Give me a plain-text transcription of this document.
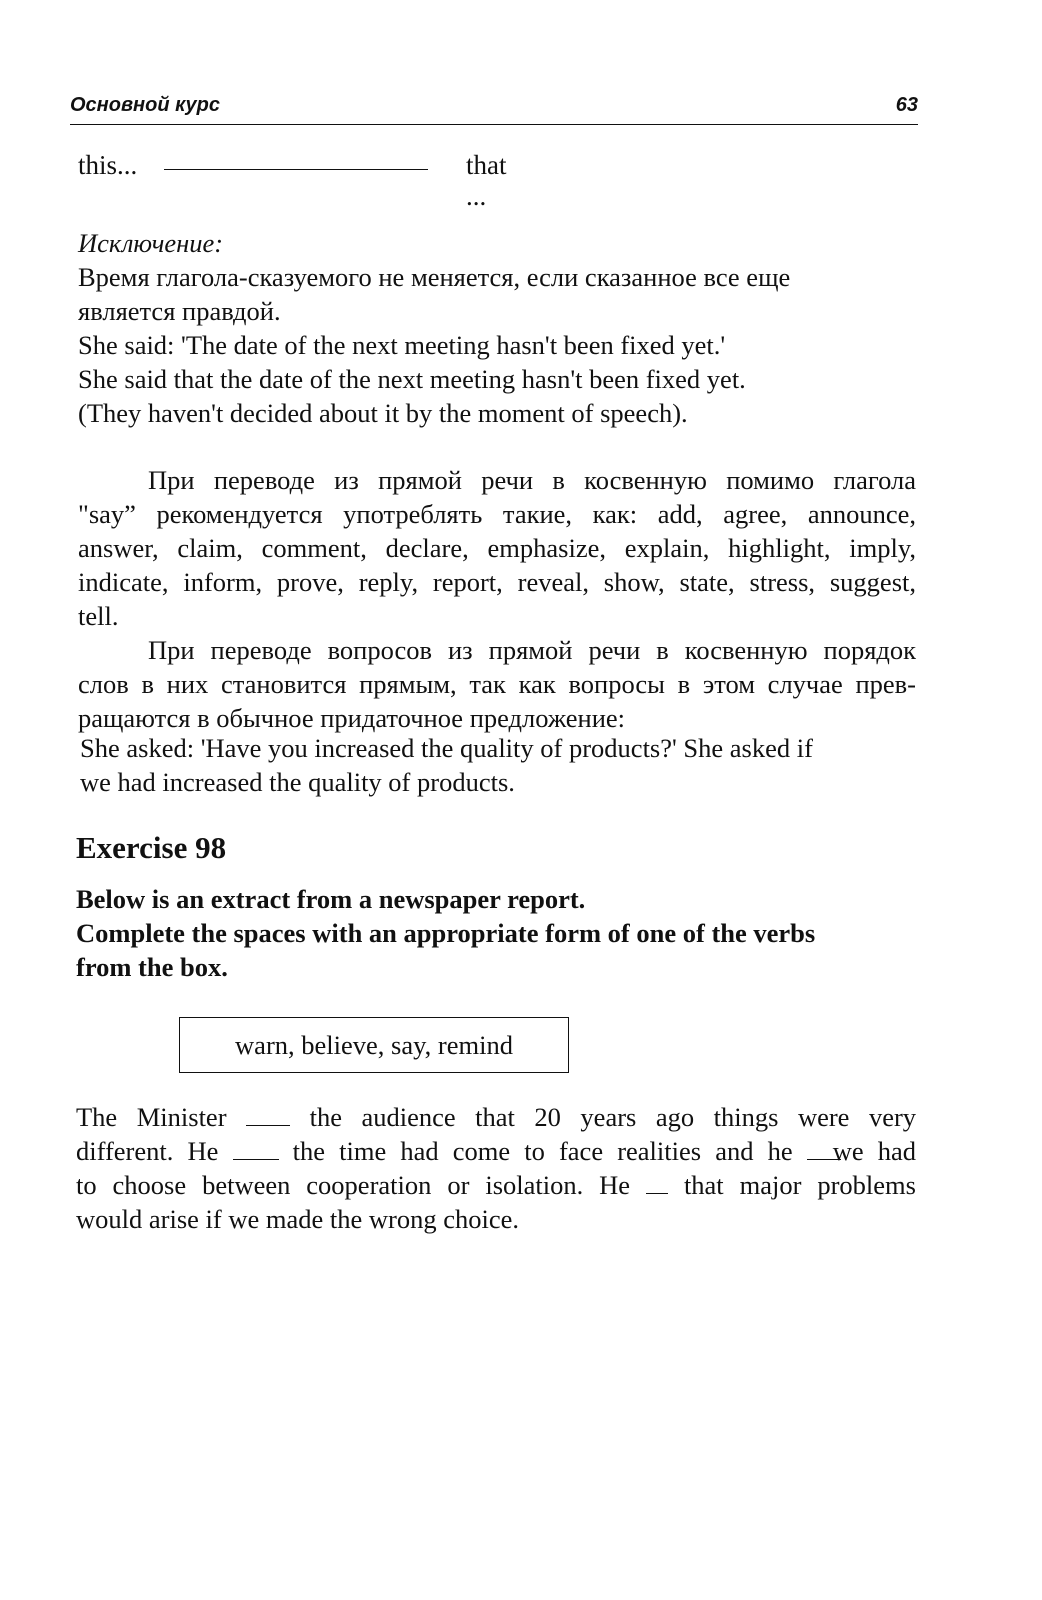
Основной курс	63
this...	that ...
Исключение:
Время глагола-сказуемого не меняется, если сказанное все еще
является правдой.
She said: 'The date of the next meeting hasn't been fixed yet.'
She said that the date of the next meeting hasn't been fixed yet.
(They haven't decided about it by the moment of speech).
При переводе из прямой речи в косвенную помимо глагола
"say” рекомендуется употреблять такие, как: add, agree, announce,
answer, claim, comment, declare, emphasize, explain, highlight, imply,
indicate, inform, prove, reply, report, reveal, show, state, stress, suggest,
tell.
При переводе вопросов из прямой речи в косвенную порядок
слов в них становится прямым, так как вопросы в этом случае прев-
ращаются в обычное придаточное предложение:
She asked: 'Have you increased the quality of products?' She asked if
we had increased the quality of products.
Exercise 98
Below is an extract from a newspaper report.
Complete the spaces with an appropriate form of one of the verbs
from the box.
warn, believe, say, remind
The Minister	the audience that 20 years ago things were very
different. He	the time had come to face realities and he we had
to choose between cooperation or isolation. He that major problems
would arise if we made the wrong choice.
